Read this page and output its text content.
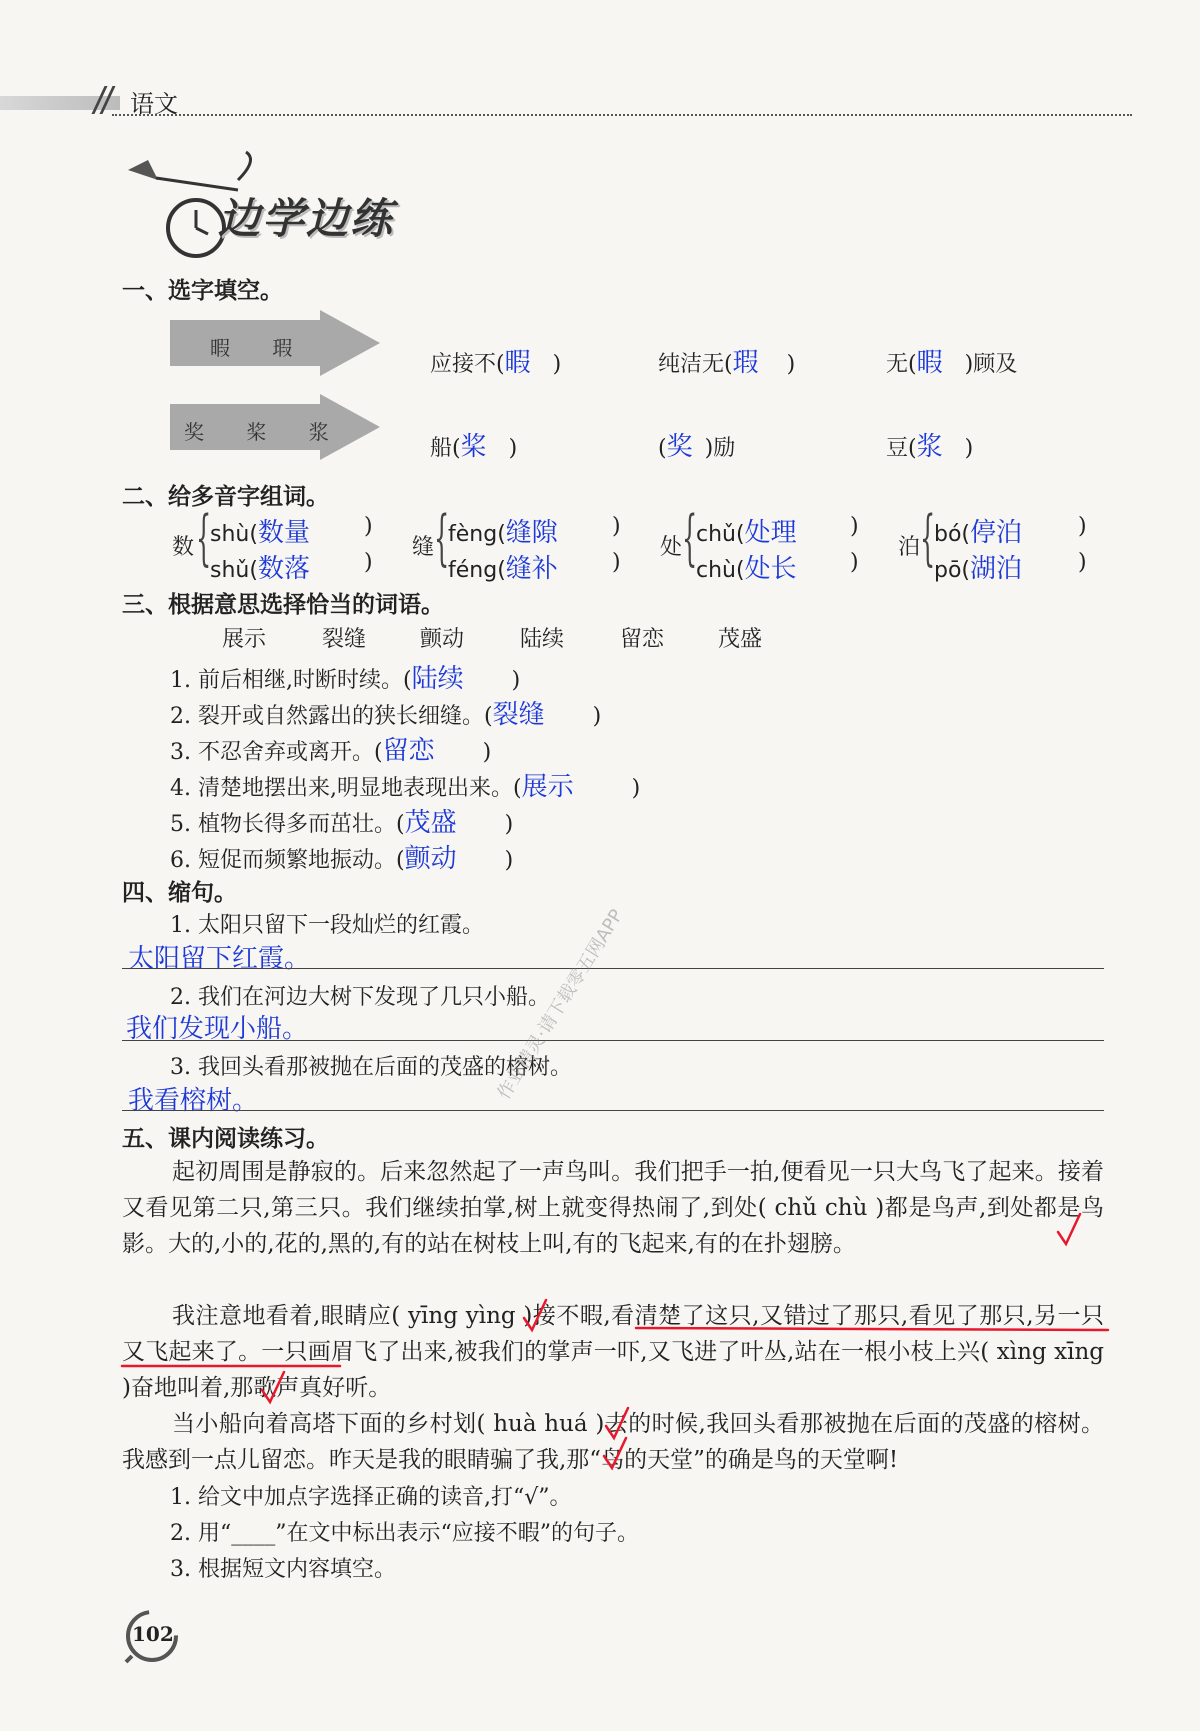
语文
边学边练
一、选字填空。
暇 瑕
应接不(暇 )	纯洁无(瑕 )	无(暇 )顾及
奖 桨 浆
船(桨 )	(奖 )励	豆(浆 )
二、给多音字组词。
数 {
shù(数量 )
shǔ(数落 )
缝 {
fèng(缝隙 )
féng(缝补 )
处 {
chǔ(处理 )
chù(处长 )
泊 {
bó(停泊	)
pō(湖泊	)
三、根据意思选择恰当的词语。
展示	裂缝 颤动	陆续	留恋 茂盛
1. 前后相继,时断时续。(陆续 )
2. 裂开或自然露出的狭长细缝。(裂缝 )
3. 不忍舍弃或离开。(留恋 )
4. 清楚地摆出来,明显地表现出来。(展示	)
5. 植物长得多而茁壮。(茂盛 )
6. 短促而频繁地振动。(颤动 )
四、缩句。
1. 太阳只留下一段灿烂的红霞。
太阳留下红霞。
2. 我们在河边大树下发现了几只小船。
我们发现小船。
3. 我回头看那被抛在后面的茂盛的榕树。
我看榕树。
五、课内阅读练习。
起初周围是静寂的。后来忽然起了一声鸟叫。我们把手一拍,便看见一只大鸟飞了起来。接着又看见第二只,第三只。我们继续拍掌,树上就变得热闹了,到处( chǔ chù )都是鸟声,到处都是鸟影。大的,小的,花的,黑的,有的站在树枝上叫,有的飞起来,有的在扑翅膀。
我注意地看着,眼睛应( yīng yìng )接不暇,看清楚了这只,又错过了那只,看见了那只,另一只又飞起来了。一只画眉飞了出来,被我们的掌声一吓,又飞进了叶丛,站在一根小枝上兴( xìng xīng )奋地叫着,那歌声真好听。
当小船向着高塔下面的乡村划( huà huá )去的时候,我回头看那被抛在后面的茂盛的榕树。我感到一点儿留恋。昨天是我的眼睛骗了我,那“鸟的天堂”的确是鸟的天堂啊!
1. 给文中加点字选择正确的读音,打“√”。
2. 用“____”在文中标出表示“应接不暇”的句子。
3. 根据短文内容填空。
作业精灵·请下载零五网APP
102
